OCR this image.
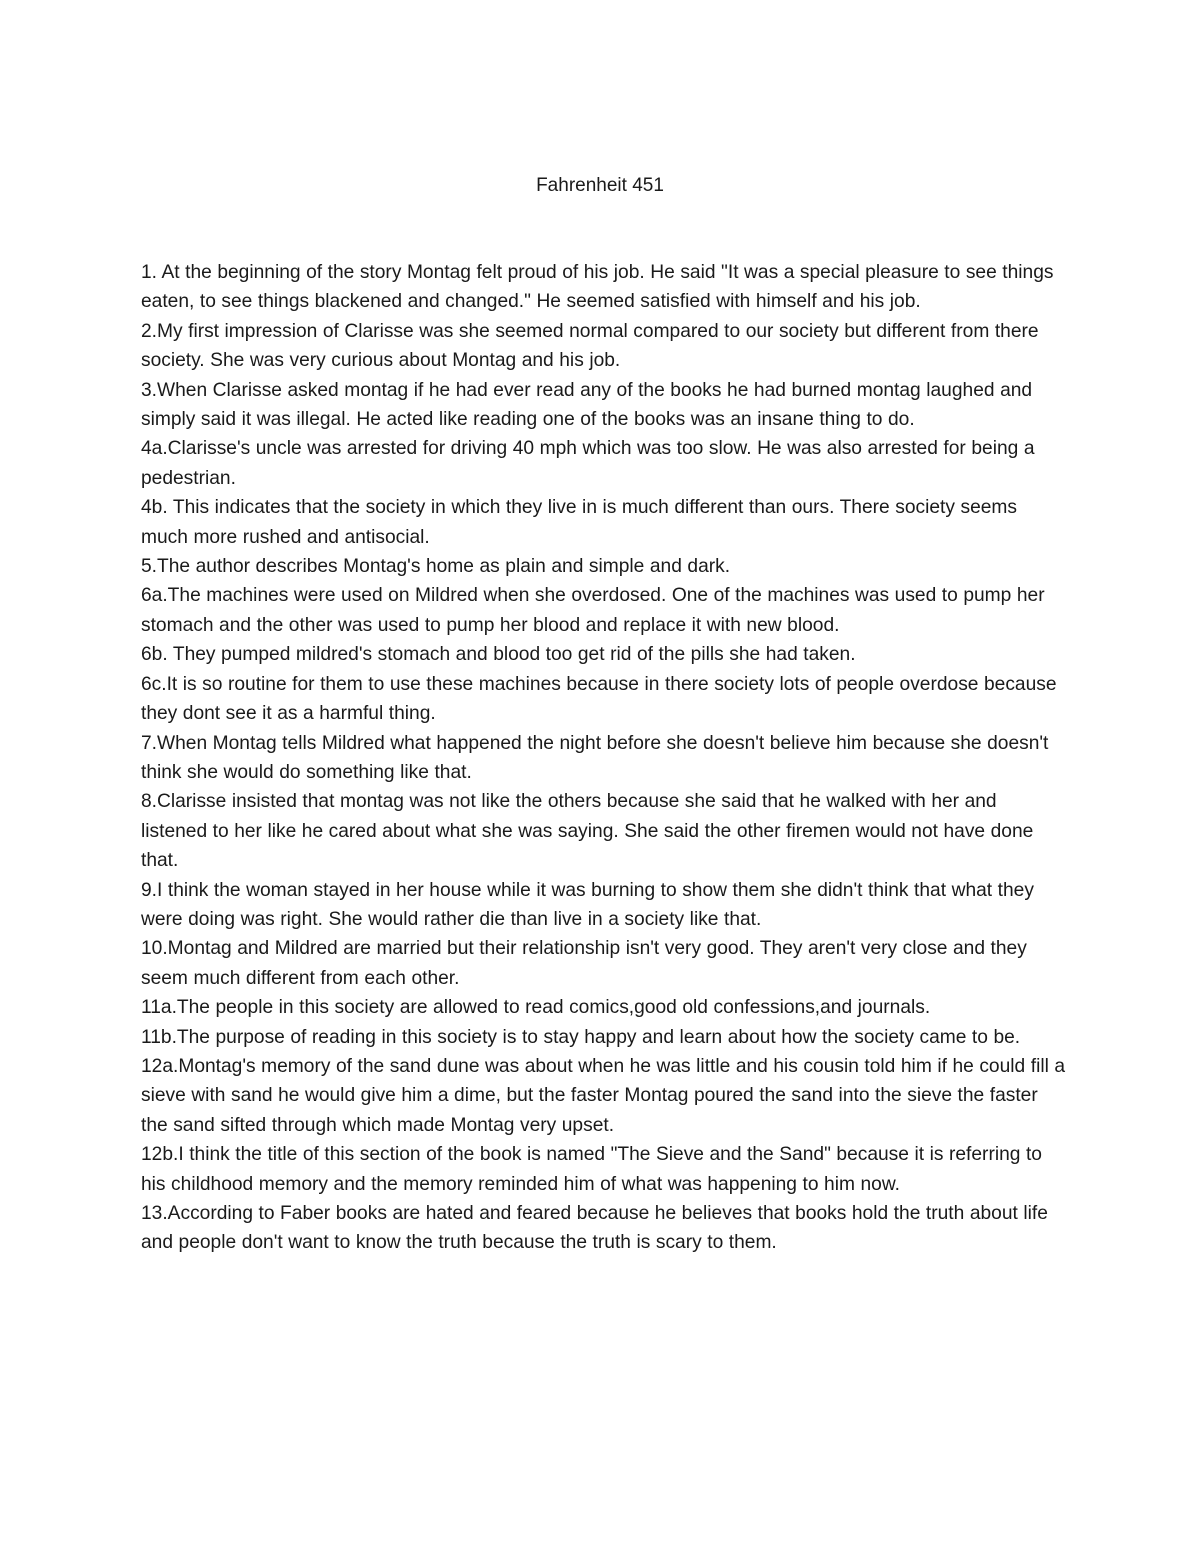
Fahrenheit 451
1. At the beginning of the story Montag felt proud of his job. He said "It was a special pleasure to see things eaten, to see things blackened and changed." He seemed satisfied with himself and his job.
2.My first impression of Clarisse was she seemed normal compared to our society but different from there society. She was very curious about Montag and his job.
3.When Clarisse asked montag if he had ever read any of the books he had burned montag laughed and simply said it was illegal. He acted like reading one of the books was an insane thing to do.
4a.Clarisse's uncle was arrested for driving 40 mph which was too slow. He was also arrested for being a pedestrian.
4b. This indicates that the society in which they live in is much different than ours. There society seems much more rushed and antisocial.
5.The author describes Montag's home as plain and simple and dark.
6a.The machines were used on Mildred when she overdosed. One of the machines was used to pump her stomach and the other was used to pump her blood and replace it with new blood.
6b. They pumped mildred's stomach and blood too get rid of the pills she had taken.
6c.It is so routine for them to use these machines because in there society lots of people overdose because they dont see it as a harmful thing.
7.When Montag tells Mildred what happened the night before she doesn't believe him because she doesn't think she would do something like that.
8.Clarisse insisted that montag was not like the others because she said that he walked with her and listened to her like he cared about what she was saying. She said the other firemen would not have done that.
9.I think the woman stayed in her house while it was burning to show them she didn't think that what they were doing was right. She would rather die than live in a society like that.
10.Montag and Mildred are married but their relationship isn't very good. They aren't very close and they seem much different from each other.
11a.The people in this society are allowed to read comics,good old confessions,and journals.
11b.The purpose of reading in this society is to stay happy and learn about how the society came to be.
12a.Montag's memory of the sand dune was about when he was little and his cousin told him if he could fill a sieve with sand he would give him a dime, but the faster Montag poured the sand into the sieve the faster the sand sifted through which made Montag very upset.
12b.I think the title of this section of the book is named "The Sieve and the Sand" because it is referring to his childhood memory and the memory reminded him of what was happening to him now.
13.According to Faber books are hated and feared because he believes that books hold the truth about life and people don't want to know the truth because the truth is scary to them.
